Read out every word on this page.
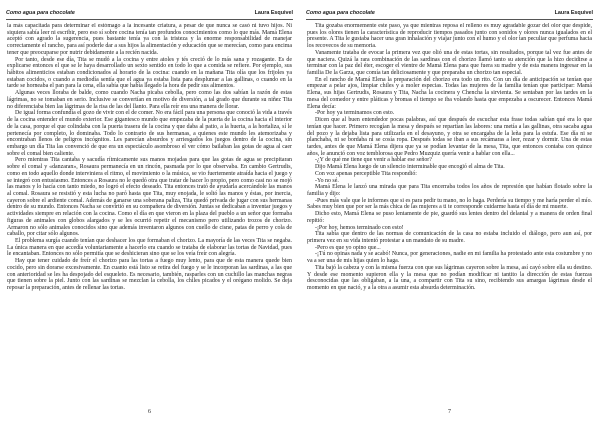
Como agua para chocolate	Laura Esquivel

la más capacitada para determinar el estómago a la incesante criatura, a pesar de que nunca se casó ni tuvo hijos. Ni siquiera sabía leer ni escribir, pero eso sí sobre cocina tenía tan profundos conocimientos como lo que más. Mamá Elena aceptó con agrado la sugerencia, pues bastante tenía ya con la tristeza y la enorme responsabilidad de manejar correctamente el rancho, para así poderle dar a sus hijos la alimentación y educación que se merecían, como para encima tener que preocuparse por nutrir debidamente a la recién nacida.

Por tanto, desde ese día, Tita se mudó a la cocina y entre atoles y tés creció de lo más sana y rozagante. Es de explicarse entonces el que se le haya desarrollado un sexto sentido en todo lo que a comida se refiere. Por ejemplo, sus hábitos alimenticios estaban condicionados al horario de la cocina: cuando en la mañana Tita olía que los frijoles ya estaban cocidos, o cuando a mediodía sentía que el agua ya estaba lista para desplumar a las gallinas, o cuando en la tarde se horneaba el pan para la cena, ella sabía que había llegado la hora de pedir sus alimentos.

Algunas veces lloraba de balde, como cuando Nacha picaba cebolla, pero como las dos sabían la razón de estas lágrimas, no se tomaban en serio. Inclusive se convertían en motivo de diversión, a tal grado que durante su niñez Tita no diferenciaba bien las lágrimas de la risa de las del llanto. Para ella reír era una manera de llorar.

De igual forma confundía el gozo de vivir con el de comer. No era fácil para una persona que conoció la vida a través de la cocina entender el mundo exterior. Ese gigantesco mundo que empezaba de la puerta de la cocina hacia el interior de la casa, porque el que colindaba con la puerta trasera de la cocina y que daba al patio, a la huerta, a la hortaliza, sí le pertenecía por completo, lo dominaba. Todo lo contrario de sus hermanas, a quienes este mundo les atemorizaba y encontraban llenos de peligros incógnitos. Les parecían absurdos y arriesgados los juegos dentro de la cocina, sin embargo un día Tita las convenció de que era un espectáculo asombroso el ver cómo bailaban las gotas de agua al caer sobre el comal bien caliente.

Pero mientras Tita cantaba y sacudía rítmicamente sus manos mojadas para que las gotas de agua se precipitaran sobre el comal y «danzaran», Rosaura permanecía en un rincón, pasmada por lo que observaba. En cambio Gertrudis, como en todo aquello donde interviniera el ritmo, el movimiento o la música, se vio fuertemente atraída hacia el juego y se integró con entusiasmo. Entonces a Rosaura no le quedó otra que tratar de hacer lo propio, pero como casi no se mojó las manos y lo hacía con tanto miedo, no logró el efecto deseado. Tita entonces trató de ayudarla acercándole las manos al comal. Rosaura se resistió y esta lucha no paró hasta que Tita, muy enojada, le soltó las manos y éstas, por inercia, cayeron sobre el ardiente comal. Además de ganarse una soberana paliza, Tita quedó privada de jugar con sus hermanas dentro de su mundo. Entonces Nacha se convirtió en su compañera de diversión. Juntas se dedicaban a inventar juegos y actividades siempre en relación con la cocina. Como el día en que vieron en la plaza del pueblo a un señor que formaba figuras de animales con globos alargados y se les ocurrió repetir el mecanismo pero utilizando trozos de chorizo. Armaron no sólo animales conocidos sino que además inventaron algunos con cuello de cisne, patas de perro y cola de caballo, por citar sólo algunos.

El problema surgía cuando tenían que deshacer los que formaban el chorizo. La mayoría de las veces Tita se negaba. La única manera en que accedía voluntariamente a hacerlo era cuando se trataba de elaborar las tortas de Navidad, pues le encantaban. Entonces no sólo permitía que se deshicieran sino que se los veía freír con alegría.

Hay que tener cuidado de freír el chorizo para las tortas a fuego muy lento, para que de esta manera quede bien cocido, pero sin dorarse excesivamente. En cuanto está listo se retira del fuego y se le incorporan las sardinas, a las que con anterioridad se les ha despojado del esqueleto. Es necesario, también, rasparles con un cuchillo las manchas negras que tienen sobre la piel. Junto con las sardinas se mezclan la cebolla, los chiles picados y el orégano molido. Se deja reposar la preparación, antes de rellenar las tortas.

6
Como agua para chocolate	Laura Esquivel

Tita gozaba enormemente este paso, ya que mientras reposa el relleno es muy agradable gozar del olor que despide, pues los olores tienen la característica de reproducir tiempos pasados junto con sonidos y olores nunca igualados en el presente. A Tita le gustaba hacer una gran inhalación y viajar junto con el humo y el olor tan peculiar que perfuma hacia los recovecos de su memoria.

Vanamente trataba de evocar la primera vez que olió una de estas tortas, sin resultados, porque tal vez fue antes de que naciera. Quizá la rara combinación de las sardinas con el chorizo llamó tanto su atención que la hizo decidirse a terminar con la paz del éter, escoger el vientre de Mamá Elena para que fuera su madre y de esta manera ingresar en la familia De la Garza, que comía tan deliciosamente y que preparaba un chorizo tan especial.

En el rancho de Mamá Elena la preparación del chorizo era todo un rito. Con un día de anticipación se tenían que empezar a pelar ajos, limpiar chiles y a moler especias. Todas las mujeres de la familia tenían que participar: Mamá Elena, sus hijas Gertrudis, Rosaura y Tita, Nacha la cocinera y Chencha la sirvienta. Se sentaban por las tardes en la mesa del comedor y entre pláticas y bromas el tiempo se iba volando hasta que empezaba a oscurecer. Entonces Mamá Elena decía:

-Por hoy ya terminamos con esto.

Dicen que al buen entendedor pocas palabras, así que después de escuchar esta frase todas sabían qué era lo que tenían que hacer. Primero recogían la mesa y después se repartían las labores: una metía a las gallinas, otra sacaba agua del pozo y la dejaba lista para utilizarla en el desayuno, y otra se encargaba de la leña para la estufa. Ese día ni se planchaba, ni se bordaba ni se cosía ropa. Después todas se iban a sus recámaras a leer, rezar y dormir. Una de estas tardes, antes de que Mamá Elena dijera que ya se podían levantar de la mesa, Tita, que entonces contaba con quince años, le anunció con voz temblorosa que Pedro Muzquiz quería venir a hablar con ella...

-¿Y de qué me tiene que venir a hablar ese señor?

Dijo Mamá Elena luego de un silencio interminable que encogió el alma de Tita.

Con voz apenas perceptible Tita respondió:

-Yo no sé.

Mamá Elena le lanzó una mirada que para Tita encerraba todos los años de represión que habían flotado sobre la familia y dijo:

-Pues más vale que le informes que si es para pedir tu mano, no lo haga. Perdería su tiempo y me haría perder el mío. Sabes muy bien que por ser la más chica de las mujeres a ti te corresponde cuidarme hasta el día de mi muerte.

Dicho esto, Mamá Elena se puso lentamente de pie, guardó sus lentes dentro del delantal y a manera de orden final repitió:

-¡Por hoy, hemos terminado con esto!

Tita sabía que dentro de las normas de comunicación de la casa no estaba incluido el diálogo, pero aun así, por primera vez en su vida intentó protestar a un mandato de su madre.

-Pero es que yo opino que...

-¡Tú no opinas nada y se acabó! Nunca, por generaciones, nadie en mi familia ha protestado ante esta costumbre y no va a ser una de mis hijas quien lo haga.

Tita bajó la cabeza y con la misma fuerza con que sus lágrimas cayeron sobre la mesa, así cayó sobre ella su destino. Y desde ese momento supieron ella y la mesa que no podían modificar ni tantito la dirección de estas fuerzas desconocidas que las obligaban, a la una, a compartir con Tita su sino, recibiendo sus amargas lágrimas desde el momento en que nació, y a la otra a asumir esta absurda determinación.

7
